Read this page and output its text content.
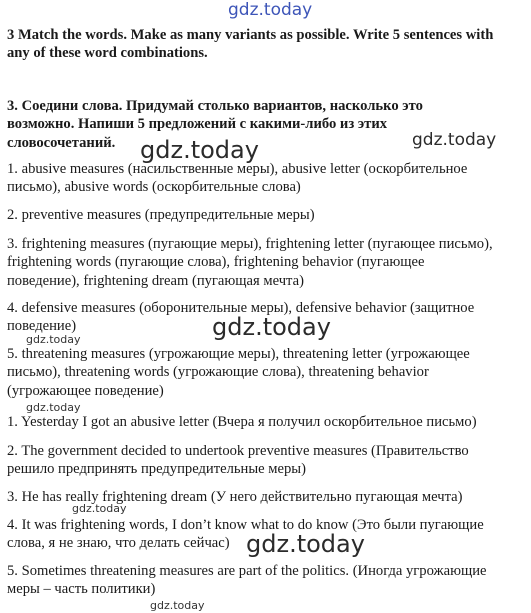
gdz.today
3 Match the words. Make as many variants as possible. Write 5 sentences with
any of these word combinations.
3. Соедини слова. Придумай столько вариантов, насколько это
возможно. Напиши 5 предложений с какими-либо из этих
словосочетаний.	gdz.today	gdz.today
1. abusive measures (насильственные меры), abusive letter (оскорбительное
письмо), abusive words (оскорбительные слова)
2. preventive measures (предупредительные меры)
3. frightening measures (пугающие меры), frightening letter (пугающее письмо),
frightening words (пугающие слова), frightening behavior (пугающее
поведение), frightening dream (пугающая мечта)
4. defensive measures (оборонительные меры), defensive behavior (защитное
поведение)	gdz.today
gdz.today
5. threatening measures (угрожающие меры), threatening letter (угрожающее
письмо), threatening words (угрожающие слова), threatening behavior
(угрожающее поведение)
gdz.today
1. Yesterday I got an abusive letter (Вчера я получил оскорбительное письмо)
2. The government decided to undertook preventive measures (Правительство
решило предпринять предупредительные меры)
3. He has really frightening dream (У него действительно пугающая мечта)
gdz.today
4. It was frightening words, I don’t know what to do know (Это были пугающие
слова, я не знаю, что делать сейчас) gdz.today
5. Sometimes threatening measures are part of the politics. (Иногда угрожающие
меры – часть политики)
gdz.today
